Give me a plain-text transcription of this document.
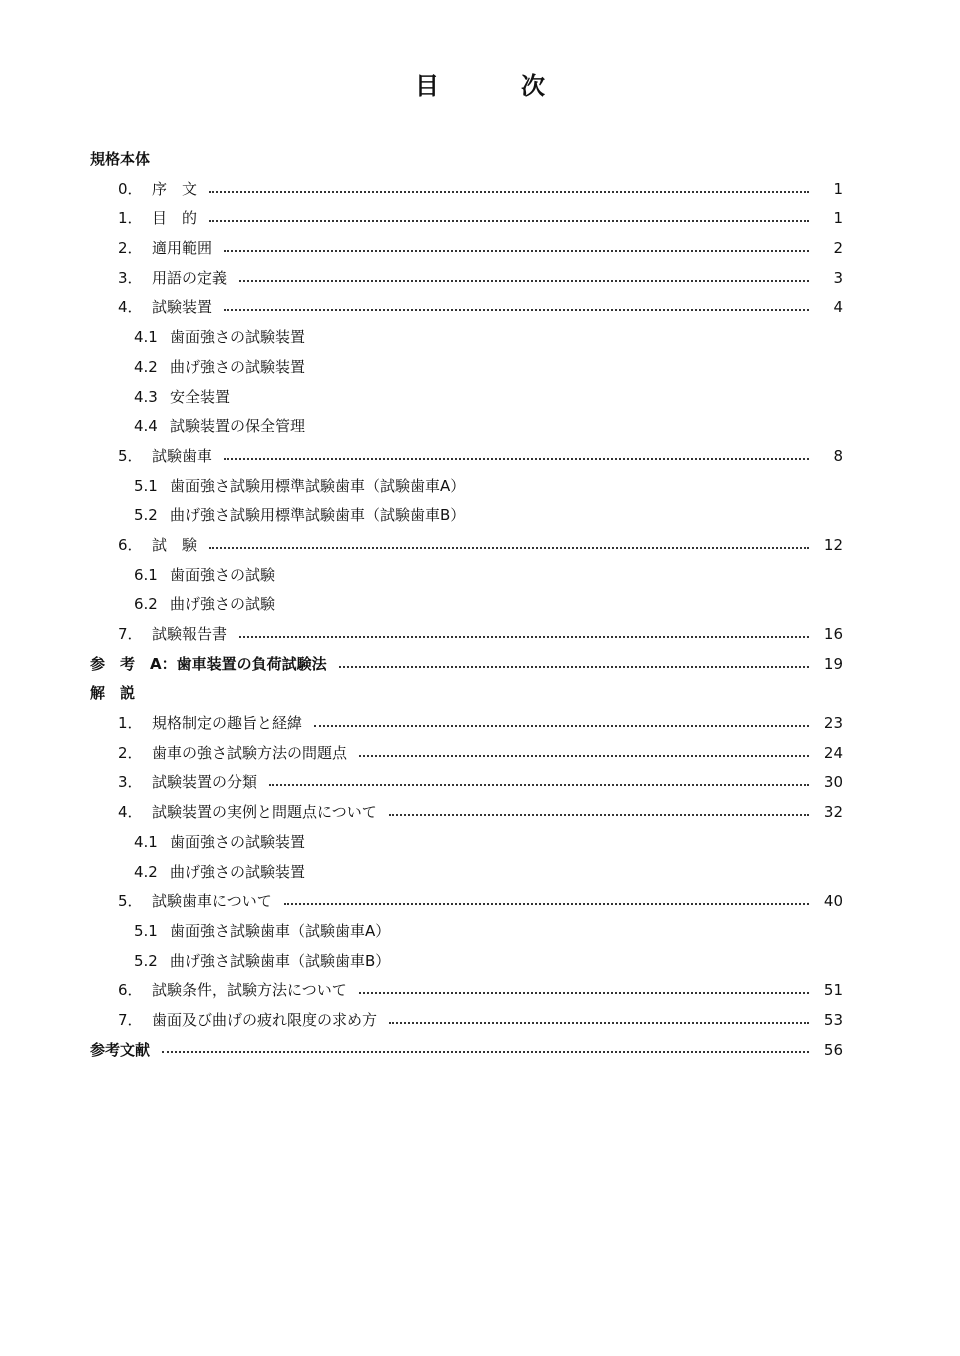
目	次
規格本体
0． 序　文	1
1． 目　的	1
2． 適用範囲	2
3． 用語の定義	3
4． 試験装置	4
4.1 歯面強さの試験装置
4.2 曲げ強さの試験装置
4.3 安全装置
4.4 試験装置の保全管理
5． 試験歯車	8
5.1 歯面強さ試験用標準試験歯車（試験歯車A）
5.2 曲げ強さ試験用標準試験歯車（試験歯車B）
6． 試　験	12
6.1 歯面強さの試験
6.2 曲げ強さの試験
7． 試験報告書	16
参　考　A：歯車装置の負荷試験法	19
解　説
1． 規格制定の趣旨と経緯	23
2． 歯車の強さ試験方法の問題点	24
3． 試験装置の分類	30
4． 試験装置の実例と問題点について	32
4.1 歯面強さの試験装置
4.2 曲げ強さの試験装置
5． 試験歯車について	40
5.1 歯面強さ試験歯車（試験歯車A）
5.2 曲げ強さ試験歯車（試験歯車B）
6． 試験条件，試験方法について	51
7． 歯面及び曲げの疲れ限度の求め方	53
参考文献	56
